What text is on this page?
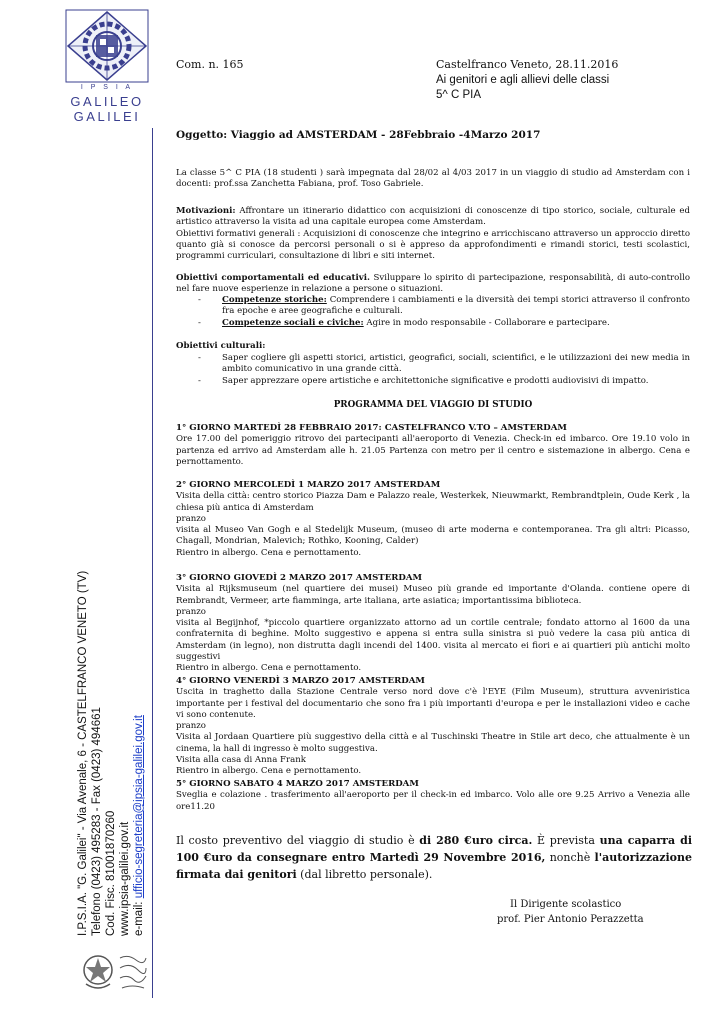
I P S I A
GALILEO
GALILEI
I.P.S.I.A. "G. Galilei" - Via Avenale, 6 - CASTELFRANCO VENETO (TV) Telefono (0423) 495283 - Fax (0423) 494661 Cod. Fisc. 81001870260 www.ipsia-galilei.gov.it e-mail: ufficio-segreteria@ipsia-galilei.gov.it
Com. n. 165	Castelfranco Veneto, 28.11.2016
Ai genitori e agli allievi delle classi
5^ C PIA
Oggetto: Viaggio ad AMSTERDAM - 28Febbraio -4Marzo 2017

La classe 5^ C PIA (18 studenti ) sarà impegnata dal 28/02 al 4/03 2017 in un viaggio di studio ad Amsterdam con i docenti: prof.ssa Zanchetta Fabiana, prof. Toso Gabriele.

Motivazioni: Affrontare un itinerario didattico con acquisizioni di conoscenze di tipo storico, sociale, culturale ed artistico attraverso la visita ad una capitale europea come Amsterdam.

Obiettivi formativi generali : Acquisizioni di conoscenze che integrino e arricchiscano attraverso un approccio diretto quanto già si conosce da percorsi personali o si è appreso da approfondimenti e rimandi storici, testi scolastici, programmi curriculari, consultazione di libri e siti internet.

Obiettivi comportamentali ed educativi. Sviluppare lo spirito di partecipazione, responsabilità, di auto-controllo nel fare nuove esperienze in relazione a persone o situazioni.

-	Competenze storiche: Comprendere i cambiamenti e la diversità dei tempi storici attraverso il confronto fra epoche e aree geografiche e culturali.
-	Competenze sociali e civiche: Agire in modo responsabile - Collaborare e partecipare.

Obiettivi culturali:

-	Saper cogliere gli aspetti storici, artistici, geografici, sociali, scientifici, e le utilizzazioni dei new media in ambito comunicativo in una grande città.
-	Saper apprezzare opere artistiche e architettoniche significative e prodotti audiovisivi di impatto.
PROGRAMMA DEL VIAGGIO DI STUDIO
1° GIORNO MARTEDÌ 28 FEBBRAIO 2017: CASTELFRANCO V.TO – AMSTERDAM
Ore 17.00 del pomeriggio ritrovo dei partecipanti all'aeroporto di Venezia. Check-in ed imbarco. Ore 19.10 volo in partenza ed arrivo ad Amsterdam alle h. 21.05 Partenza con metro per il centro e sistemazione in albergo. Cena e pernottamento.
2° GIORNO MERCOLEDÌ 1 MARZO 2017 AMSTERDAM
Visita della città: centro storico Piazza Dam e Palazzo reale, Westerkek, Nieuwmarkt, Rembrandtplein, Oude Kerk , la chiesa più antica di Amsterdam
pranzo
visita al Museo Van Gogh e al Stedelijk Museum, (museo di arte moderna e contemporanea. Tra gli altri: Picasso, Chagall, Mondrian, Malevich; Rothko, Kooning, Calder)
Rientro in albergo. Cena e pernottamento.
3° GIORNO GIOVEDÌ 2 MARZO 2017 AMSTERDAM
Visita al Rijksmuseum (nel quartiere dei musei) Museo più grande ed importante d'Olanda. contiene opere di Rembrandt, Vermeer, arte fiamminga, arte italiana, arte asiatica; importantissima biblioteca.
pranzo
visita al Begijnhof, *piccolo quartiere organizzato attorno ad un cortile centrale; fondato attorno al 1600 da una confraternita di beghine. Molto suggestivo e appena si entra sulla sinistra si può vedere la casa più antica di Amsterdam (in legno), non distrutta dagli incendi del 1400. visita al mercato ei fiori e ai quartieri più antichi molto suggestivi
Rientro in albergo. Cena e pernottamento.
4° GIORNO VENERDÌ 3 MARZO 2017 AMSTERDAM
Uscita in traghetto dalla Stazione Centrale verso nord dove c'è l'EYE (Film Museum), struttura avveniristica importante per i festival del documentario che sono fra i più importanti d'europa e per le installazioni video e cache vi sono contenute.
pranzo
Visita al Jordaan Quartiere più suggestivo della città e al Tuschinski Theatre in Stile art deco, che attualmente è un cinema, la hall di ingresso è molto suggestiva.
Visita alla casa di Anna Frank
Rientro in albergo. Cena e pernottamento.
5° GIORNO SABATO 4 MARZO 2017 AMSTERDAM
Sveglia e colazione . trasferimento all'aeroporto per il check-in ed imbarco. Volo alle ore 9.25 Arrivo a Venezia alle ore11.20
Il costo preventivo del viaggio di studio è di 280 €uro circa. È prevista una caparra di 100 €uro da consegnare entro Martedì 29 Novembre 2016, nonchè l'autorizzazione firmata dai genitori (dal libretto personale).
Il Dirigente scolastico
prof. Pier Antonio Perazzetta
